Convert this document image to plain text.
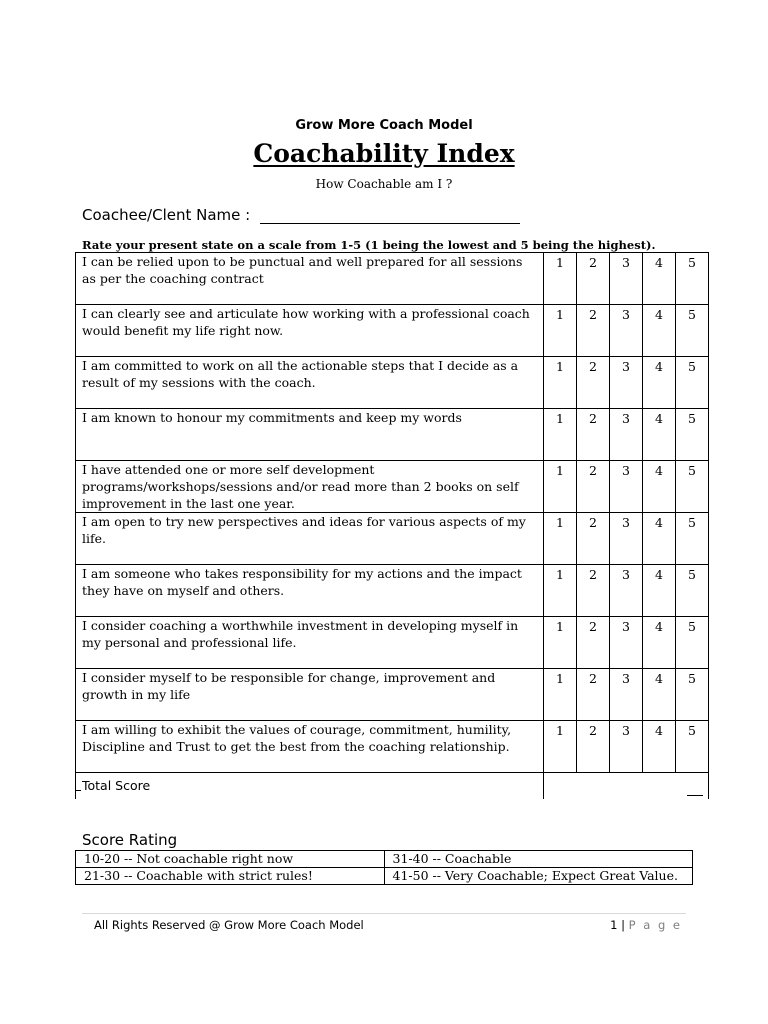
Grow More Coach Model
Coachability Index
How Coachable am I ?
Coachee/Clent Name :
Rate your present state on a scale from 1-5 (1 being the lowest and 5 being the highest).
I can be relied upon to be punctual and well prepared for all sessions as per the coaching contract	1	2	3	4	5
I can clearly see and articulate how working with a professional coach would benefit my life right now.	1	2	3	4	5
I am committed to work on all the actionable steps that I decide as a result of my sessions with the coach.	1	2	3	4	5
I am known to honour my commitments and keep my words	1	2	3	4	5
I have attended one or more self development programs/workshops/sessions and/or read more than 2 books on self improvement in the last one year.	1	2	3	4	5
I am open to try new perspectives and ideas for various aspects of my life.	1	2	3	4	5
I am someone who takes responsibility for my actions and the impact they have on myself and others.	1	2	3	4	5
I consider coaching a worthwhile investment in developing myself in my personal and professional life.	1	2	3	4	5
I consider myself to be responsible for change, improvement and growth in my life	1	2	3	4	5
I am willing to exhibit the values of courage, commitment, humility, Discipline and Trust to get the best from the coaching relationship.	1	2	3	4	5
Total Score					
Score Rating
10-20 -- Not coachable right now	31-40 -- Coachable
21-30 -- Coachable with strict rules!	41-50 -- Very Coachable; Expect Great Value.
All Rights Reserved @ Grow More Coach Model	1 | P a g e
